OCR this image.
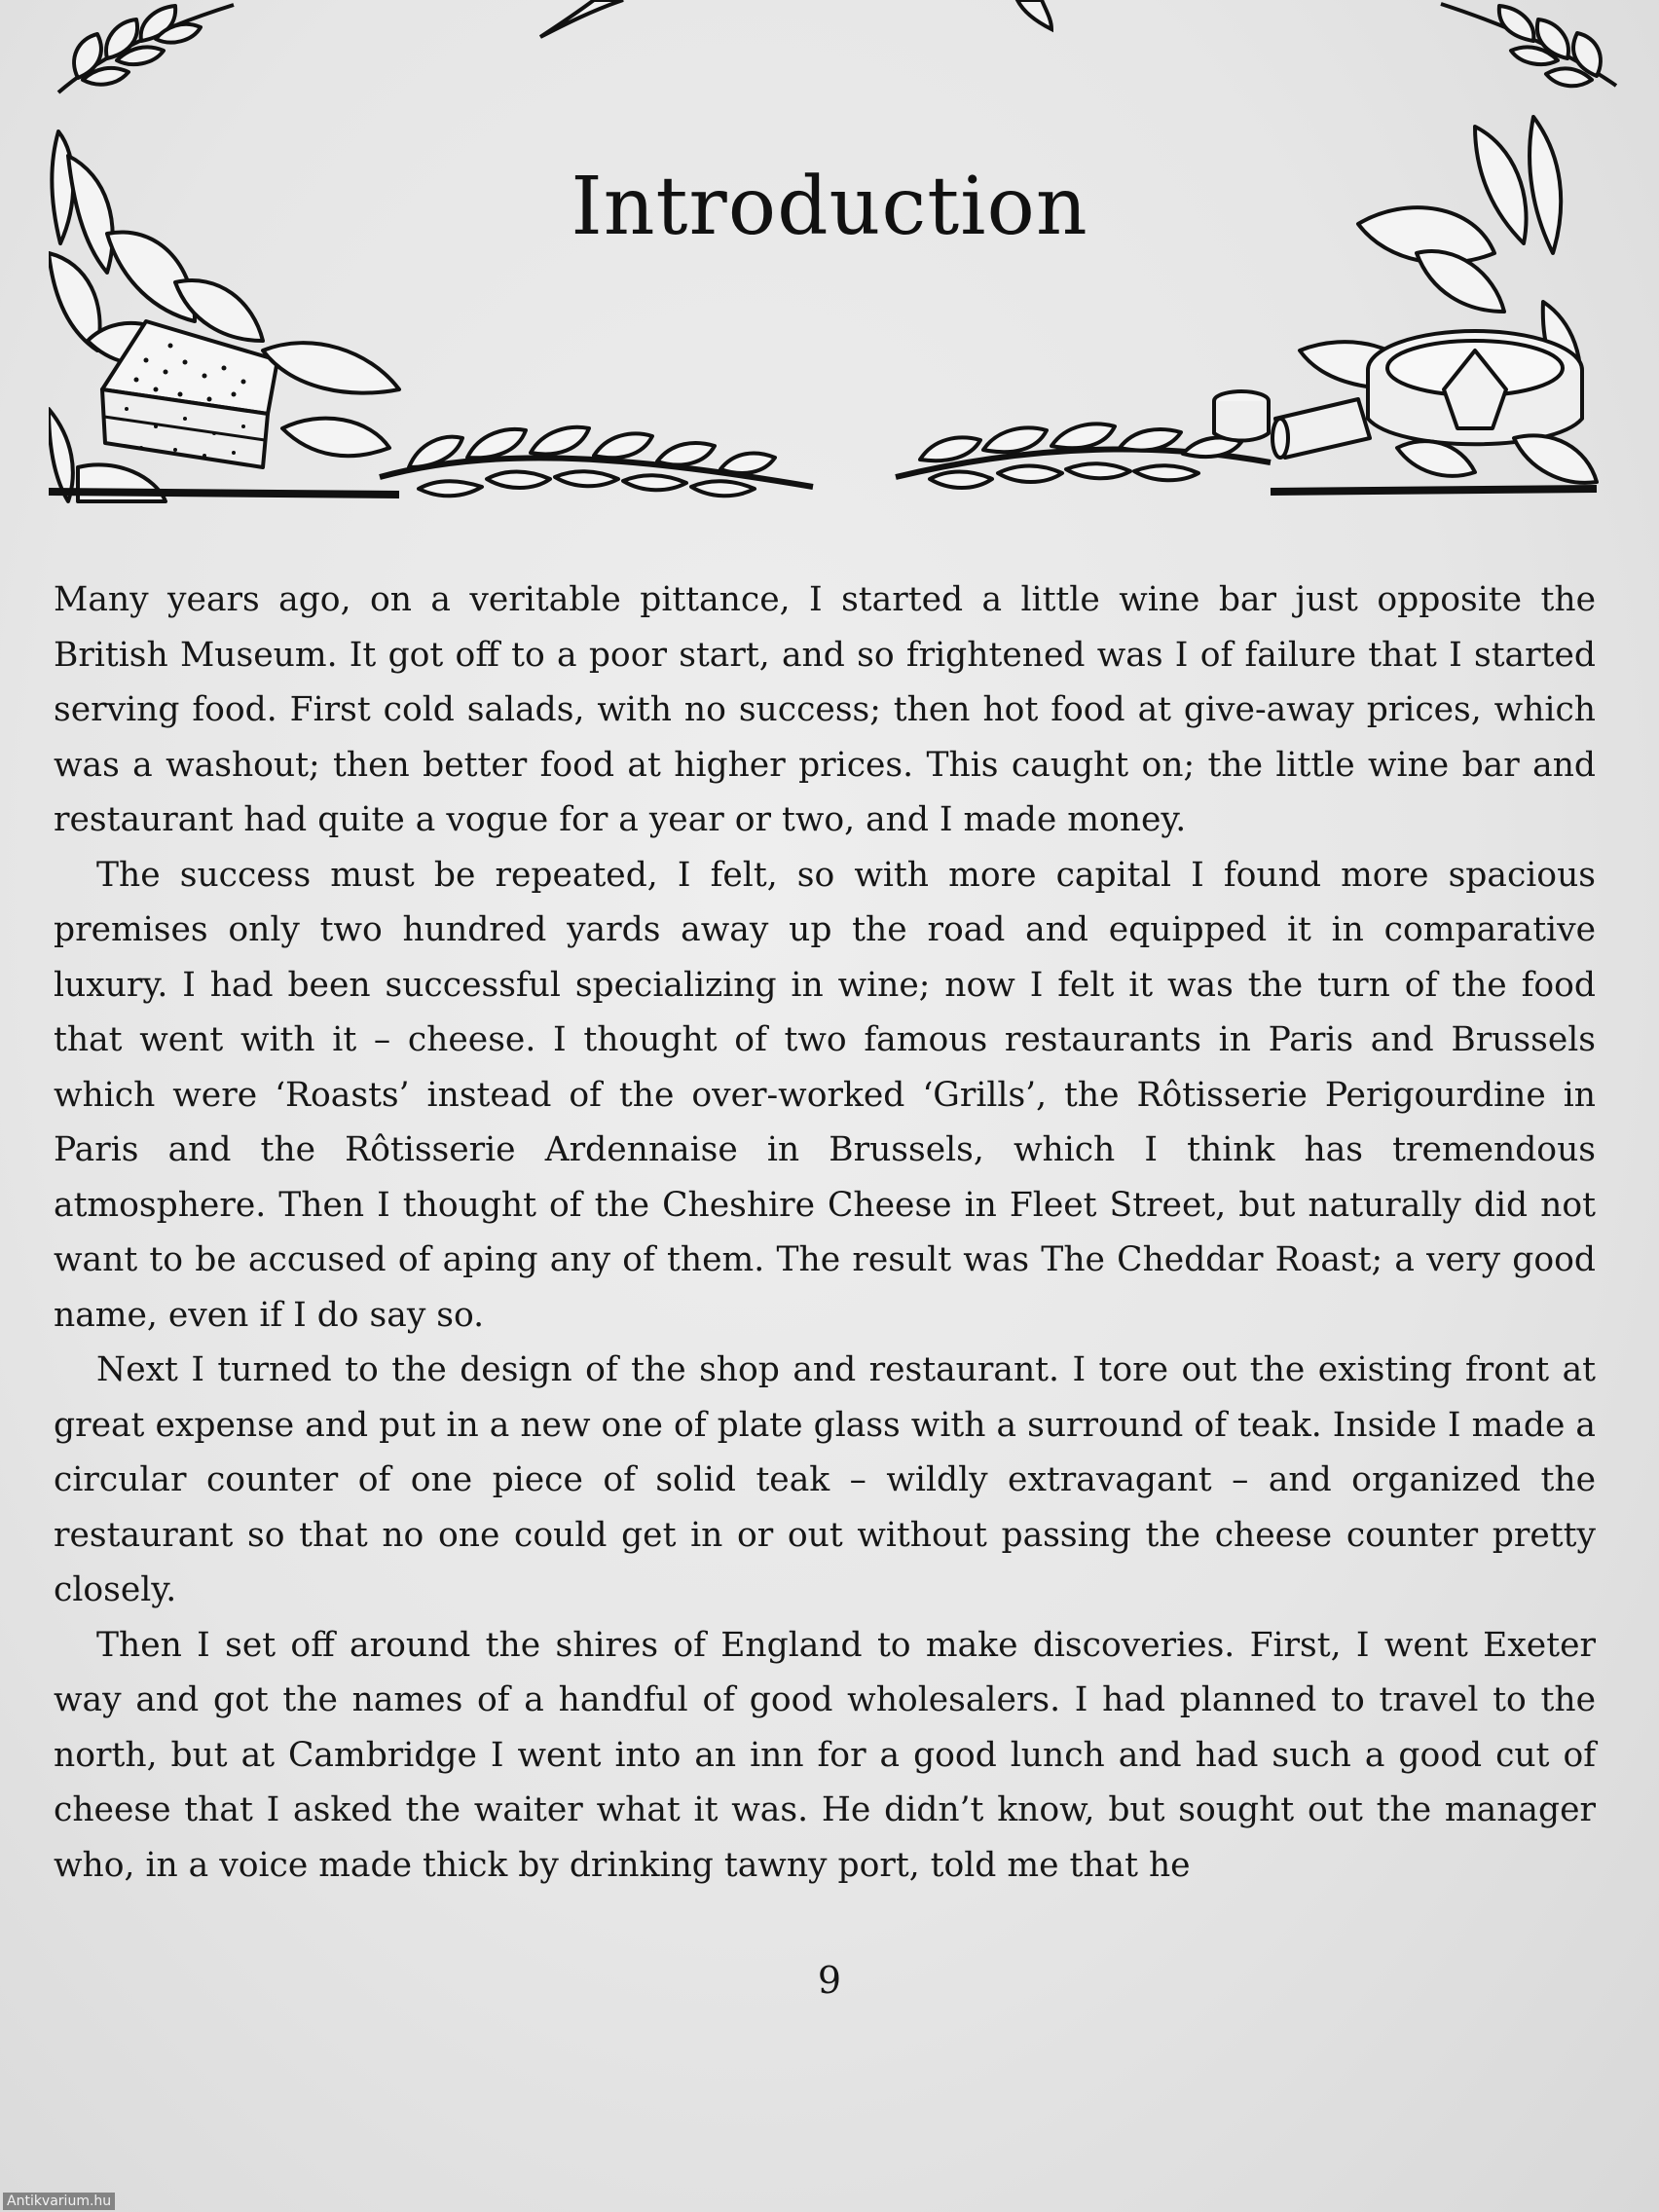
Introduction

Many years ago, on a veritable pittance, I started a little wine bar just opposite the British Museum. It got off to a poor start, and so frightened was I of failure that I started serving food. First cold salads, with no success; then hot food at give-away prices, which was a washout; then better food at higher prices. This caught on; the little wine bar and restaurant had quite a vogue for a year or two, and I made money.

The success must be repeated, I felt, so with more capital I found more spacious premises only two hundred yards away up the road and equipped it in comparative luxury. I had been successful specializing in wine; now I felt it was the turn of the food that went with it – cheese. I thought of two famous restaurants in Paris and Brussels which were ‘Roasts’ instead of the over-worked ‘Grills’, the Rôtisserie Perigourdine in Paris and the Rôtisserie Ardennaise in Brussels, which I think has tremendous atmosphere. Then I thought of the Cheshire Cheese in Fleet Street, but naturally did not want to be accused of aping any of them. The result was The Cheddar Roast; a very good name, even if I do say so.

Next I turned to the design of the shop and restaurant. I tore out the existing front at great expense and put in a new one of plate glass with a surround of teak. Inside I made a circular counter of one piece of solid teak – wildly extravagant – and organized the restaurant so that no one could get in or out without passing the cheese counter pretty closely.

Then I set off around the shires of England to make discoveries. First, I went Exeter way and got the names of a handful of good wholesalers. I had planned to travel to the north, but at Cambridge I went into an inn for a good lunch and had such a good cut of cheese that I asked the waiter what it was. He didn’t know, but sought out the manager who, in a voice made thick by drinking tawny port, told me that he

9
Antikvarium.hu
